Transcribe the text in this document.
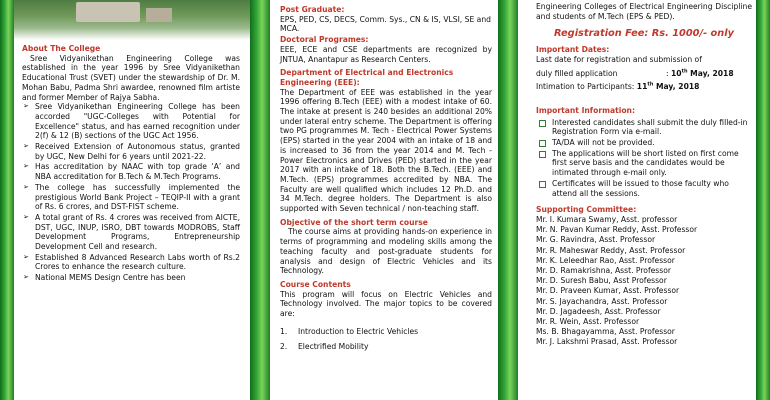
About The College

Sree Vidyanikethan Engineering College was established in the year 1996 by Sree Vidyanikethan Educational Trust (SVET) under the stewardship of Dr. M. Mohan Babu, Padma Shri awardee, renowned film artiste and former Member of Rajya Sabha.

➢ Sree Vidyanikethan Engineering College has been accorded "UGC-Colleges with Potential for Excellence" status, and has earned recognition under 2(f) & 12 (B) sections of the UGC Act 1956.
➢ Received Extension of Autonomous status, granted by UGC, New Delhi for 6 years until 2021-22.
➢ Has accreditation by NAAC with top grade ‘A’ and NBA accreditation for B.Tech & M.Tech Programs.
➢ The college has successfully implemented the prestigious World Bank Project – TEQIP-II with a grant of Rs. 6 crores, and DST-FIST scheme.
➢ A total grant of Rs. 4 crores was received from AICTE, DST, UGC, INUP, ISRO, DBT towards MODROBS, Staff Development Programs, Entrepreneurship Development Cell and research.
➢ Established 8 Advanced Research Labs worth of Rs.2 Crores to enhance the research culture.
➢ National MEMS Design Centre has been
Post Graduate:

EPS, PED, CS, DECS, Comm. Sys., CN & IS, VLSI, SE and MCA.

Doctoral Programes:

EEE, ECE and CSE departments are recognized by JNTUA, Anantapur as Research Centers.

Department of Electrical and Electronics Engineering (EEE):

The Department of EEE was established in the year 1996 offering B.Tech (EEE) with a modest intake of 60. The intake at present is 240 besides an additional 20% under lateral entry scheme. The Department is offering two PG programmes M. Tech - Electrical Power Systems (EPS) started in the year 2004 with an intake of 18 and is increased to 36 from the year 2014 and M. Tech - Power Electronics and Drives (PED) started in the year 2017 with an intake of 18. Both the B.Tech. (EEE) and M.Tech. (EPS) programmes accredited by NBA. The Faculty are well qualified which includes 12 Ph.D. and 34 M.Tech. degree holders. The Department is also supported with Seven technical / non-teaching staff.

Objective of the short term course

The course aims at providing hands-on experience in terms of programming and modeling skills among the teaching faculty and post-graduate students for analysis and design of Electric Vehicles and its Technology.

Course Contents

This program will focus on Electric Vehicles and Technology involved. The major topics to be covered are:

1.	Introduction to Electric Vehicles
2.	Electrified Mobility

Engineering Colleges of Electrical Engineering Discipline and students of M.Tech (EPS & PED).

Registration Fee: Rs. 1000/- only
Important Dates:

Last date for registration and submission of

duly filled application	: 10th May, 2018
Intimation to Participants: 11th May, 2018
Important Information:
Interested candidates shall submit the duly filled-in Registration Form via e-mail.
TA/DA will not be provided.
The applications will be short listed on first come first serve basis and the candidates would be intimated through e-mail only.
Certificates will be issued to those faculty who attend all the sessions.
Supporting Committee:
Mr. I. Kumara Swamy, Asst. professor
Mr. N. Pavan Kumar Reddy, Asst. Professor
Mr. G. Ravindra, Asst. Professor
Mr. R. Maheswar Reddy, Asst. Professor
Mr. K. Leleedhar Rao, Asst. Professor
Mr. D. Ramakrishna, Asst. Professor
Mr. D. Suresh Babu, Asst Professor
Mr. D. Praveen Kumar, Asst. Professor
Mr. S. Jayachandra, Asst. Professor
Mr. D. Jagadeesh, Asst. Professor
Mr. R. Wein, Asst. Professor
Ms. B. Bhagayamma, Asst. Professor
Mr. J. Lakshmi Prasad, Asst. Professor
